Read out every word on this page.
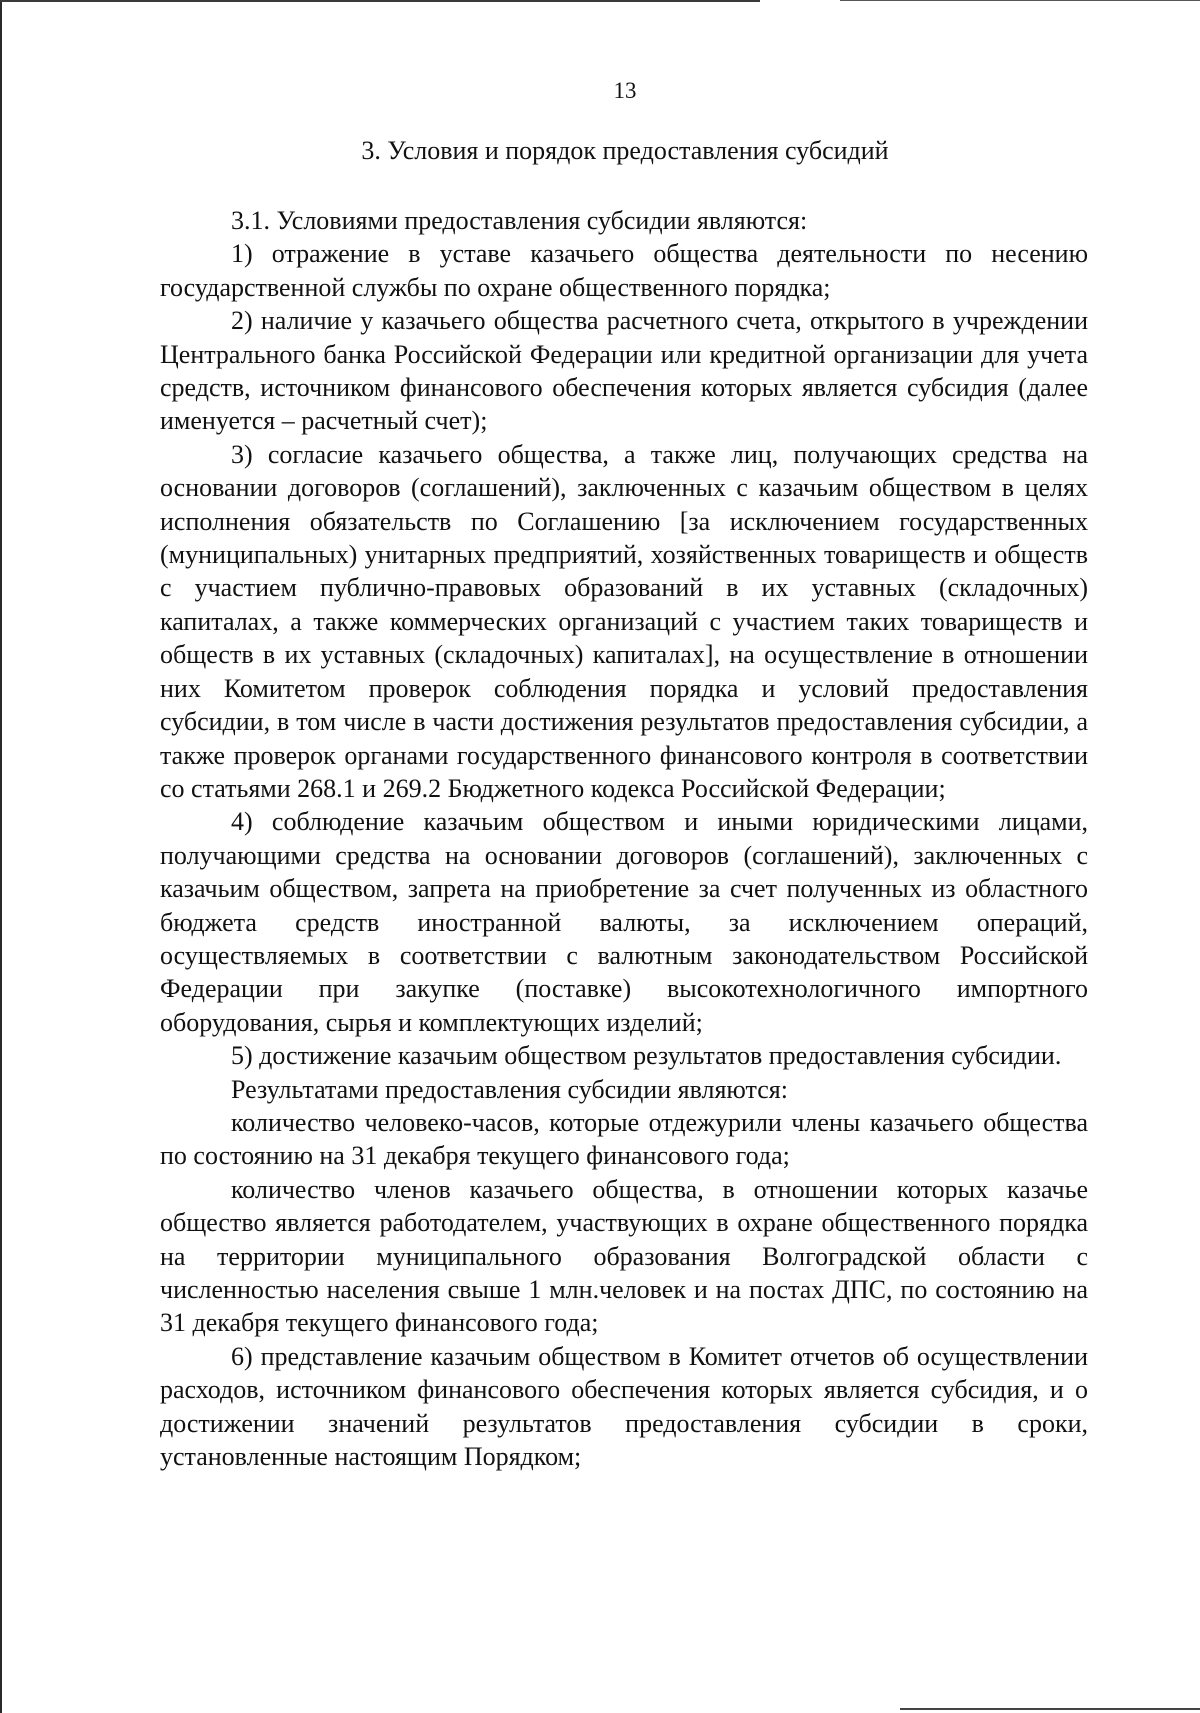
13
3. Условия и порядок предоставления субсидий

3.1. Условиями предоставления субсидии являются:

1) отражение в уставе казачьего общества деятельности по несению государственной службы по охране общественного порядка;

2) наличие у казачьего общества расчетного счета, открытого в учреждении Центрального банка Российской Федерации или кредитной организации для учета средств, источником финансового обеспечения которых является субсидия (далее именуется – расчетный счет);

3) согласие казачьего общества, а также лиц, получающих средства на основании договоров (соглашений), заключенных с казачьим обществом в целях исполнения обязательств по Соглашению [за исключением государственных (муниципальных) унитарных предприятий, хозяйственных товариществ и обществ с участием публично-правовых образований в их уставных (складочных) капиталах, а также коммерческих организаций с участием таких товариществ и обществ в их уставных (складочных) капиталах], на осуществление в отношении них Комитетом проверок соблюдения порядка и условий предоставления субсидии, в том числе в части достижения результатов предоставления субсидии, а также проверок органами государственного финансового контроля в соответствии со статьями 268.1 и 269.2 Бюджетного кодекса Российской Федерации;

4) соблюдение казачьим обществом и иными юридическими лицами, получающими средства на основании договоров (соглашений), заключенных с казачьим обществом, запрета на приобретение за счет полученных из областного бюджета средств иностранной валюты, за исключением операций, осуществляемых в соответствии с валютным законодательством Российской Федерации при закупке (поставке) высокотехнологичного импортного оборудования, сырья и комплектующих изделий;

5) достижение казачьим обществом результатов предоставления субсидии.

Результатами предоставления субсидии являются:

количество человеко-часов, которые отдежурили члены казачьего общества по состоянию на 31 декабря текущего финансового года;

количество членов казачьего общества, в отношении которых казачье общество является работодателем, участвующих в охране общественного порядка на территории муниципального образования Волгоградской области с численностью населения свыше 1 млн.человек и на постах ДПС, по состоянию на 31 декабря текущего финансового года;

6) представление казачьим обществом в Комитет отчетов об осуществлении расходов, источником финансового обеспечения которых является субсидия, и о достижении значений результатов предоставления субсидии в сроки, установленные настоящим Порядком;
